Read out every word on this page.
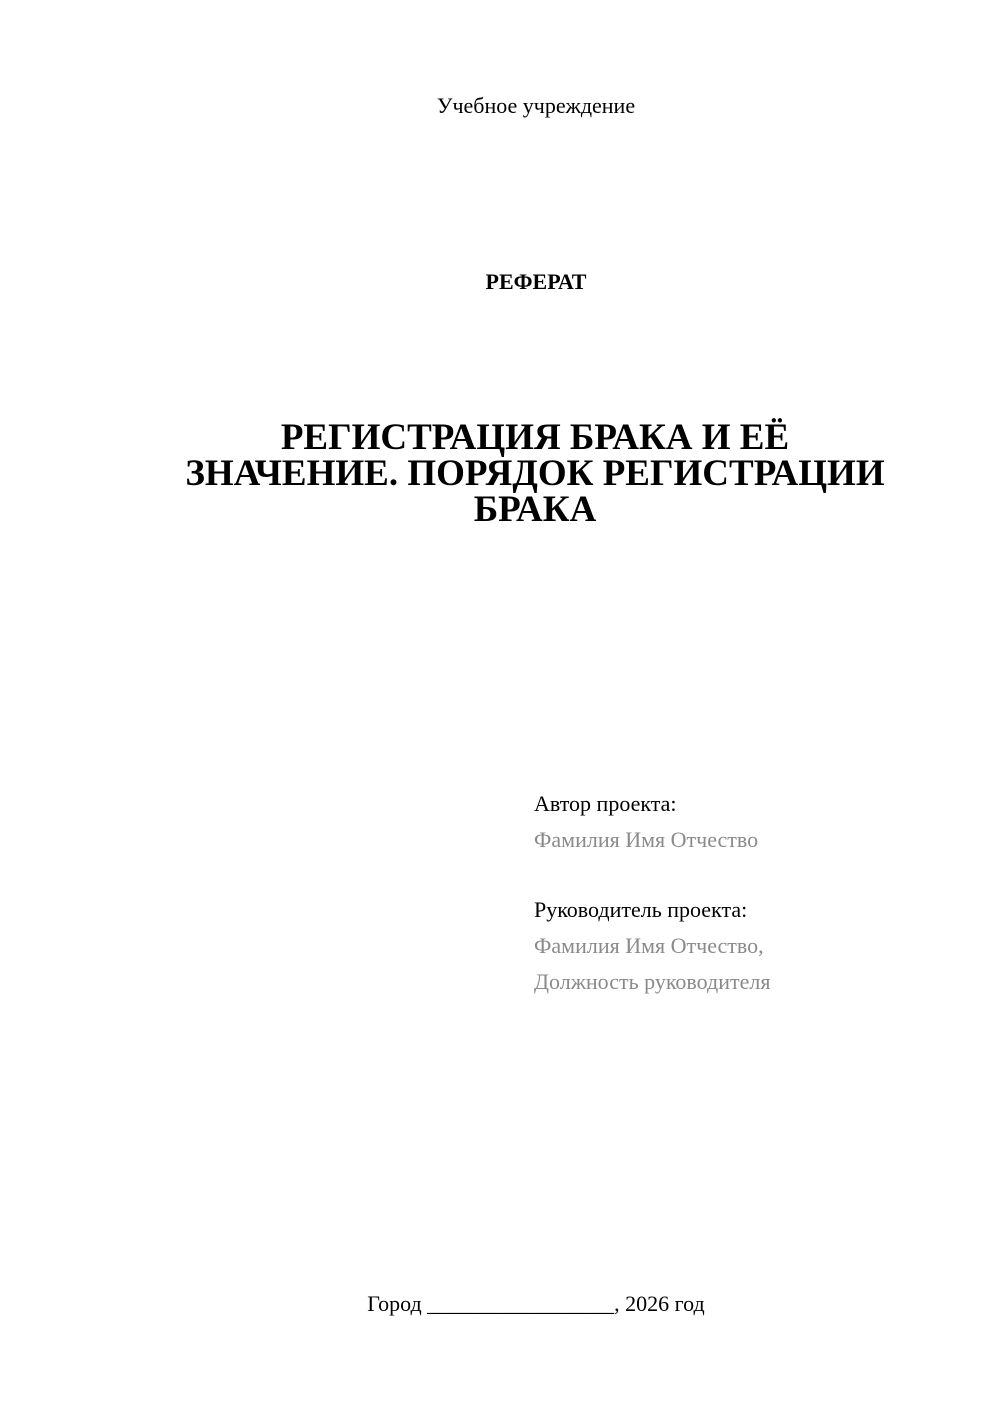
Учебное учреждение
РЕФЕРАТ
РЕГИСТРАЦИЯ БРАКА И ЕЁ
ЗНАЧЕНИЕ. ПОРЯДОК РЕГИСТРАЦИИ
БРАКА
Автор проекта:
Фамилия Имя Отчество
Руководитель проекта:
Фамилия Имя Отчество,
Должность руководителя
Город _________________, 2026 год
